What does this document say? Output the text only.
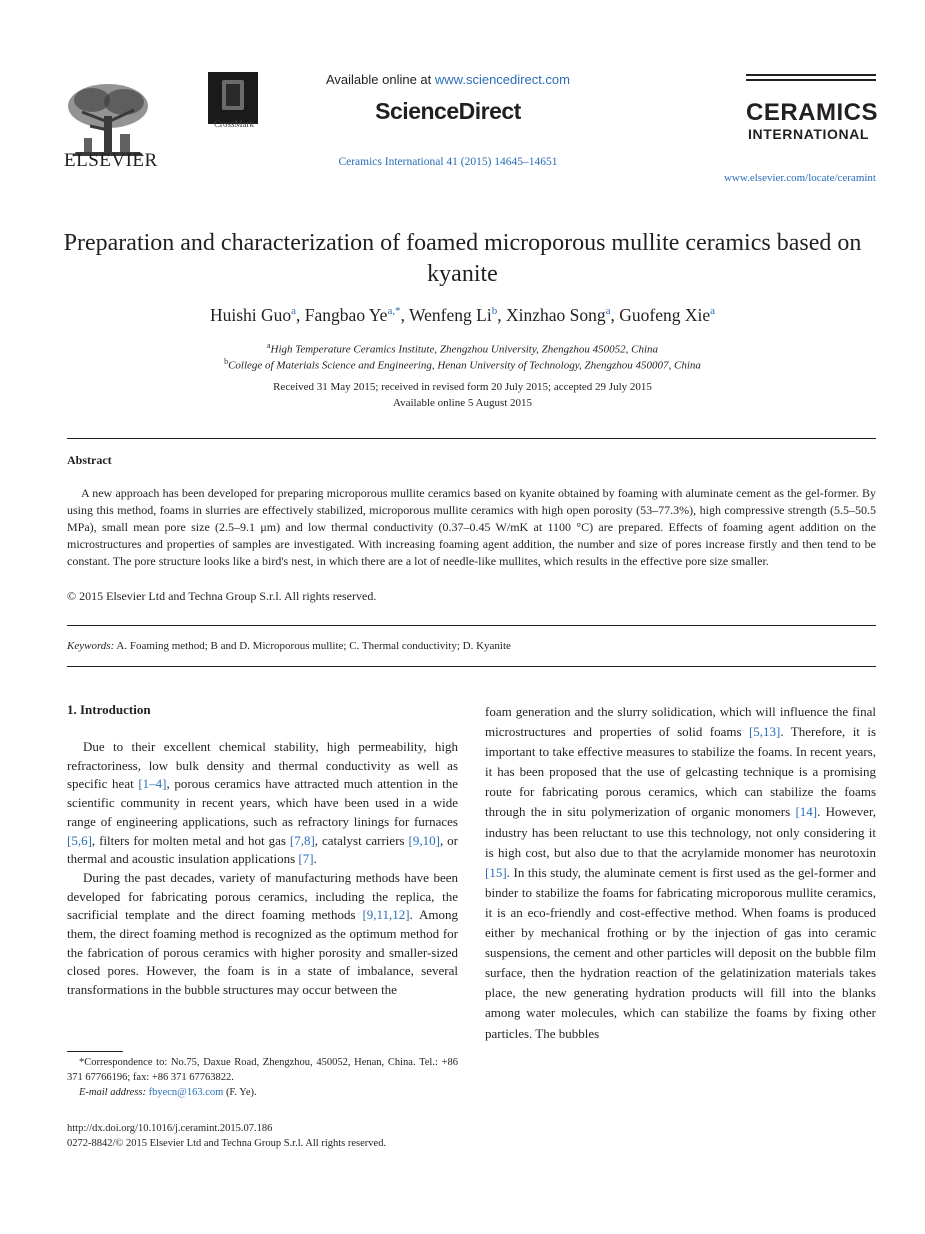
ELSEVIER
CrossMark
Available online at www.sciencedirect.com
ScienceDirect
Ceramics International 41 (2015) 14645–14651
CERAMICS
INTERNATIONAL
www.elsevier.com/locate/ceramint
Preparation and characterization of foamed microporous mullite ceramics based on kyanite
Huishi Guo$^a$, Fangbao $Ye^{a,*}$, Wenfeng Li$^b$, Xinzhao Song$^a$, Guofeng Xie$^a$
$^a$High Temperature Ceramics Institute, Zhengzhou University, Zhengzhou 450052, China
$^b$College of Materials Science and Engineering, Henan University of Technology, Zhengzhou 450007, China
Received 31 May 2015; received in revised form 20 July 2015; accepted 29 July 2015
Available online 5 August 2015
Abstract

A new approach has been developed for preparing microporous mullite ceramics based on kyanite obtained by foaming with aluminate cement as the gel-former. By using this method, foams in slurries are effectively stabilized, microporous mullite ceramics with high open porosity (53–77.3%), high compressive strength (5.5–50.5 MPa), small mean pore size (2.5–9.1 μm) and low thermal conductivity (0.37–0.45 W/mK at 1100 °C) are prepared. Effects of foaming agent addition on the microstructures and properties of samples are investigated. With increasing foaming agent addition, the number and size of pores increase firstly and then tend to be constant. The pore structure looks like a bird's nest, in which there are a lot of needle-like mullites, which results in the effective pore size smaller.

© 2015 Elsevier Ltd and Techna Group S.r.l. All rights reserved.
Keywords: A. Foaming method; B and D. Microporous mullite; C. Thermal conductivity; D. Kyanite
1. Introduction

Due to their excellent chemical stability, high permeability, high refractoriness, low bulk density and thermal conductivity as well as specific heat [1–4], porous ceramics have attracted much attention in the scientific community in recent years, which have been used in a wide range of engineering applications, such as refractory linings for furnaces [5,6], filters for molten metal and hot gas [7,8], catalyst carriers [9,10], or thermal and acoustic insulation applications [7].

During the past decades, variety of manufacturing methods have been developed for fabricating porous ceramics, including the replica, the sacrificial template and the direct foaming methods [9,11,12]. Among them, the direct foaming method is recognized as the optimum method for the fabrication of porous ceramics with higher porosity and smaller-sized closed pores. However, the foam is in a state of imbalance, several transformations in the bubble structures may occur between the

foam generation and the slurry solidication, which will influence the final microstructures and properties of solid foams [5,13]. Therefore, it is important to take effective measures to stabilize the foams. In recent years, it has been proposed that the use of gelcasting technique is a promising route for fabricating porous ceramics, which can stabilize the foams through the in situ polymerization of organic monomers [14]. However, industry has been reluctant to use this technology, not only considering it is high cost, but also due to that the acrylamide monomer has neurotoxin [15]. In this study, the aluminate cement is first used as the gel-former and binder to stabilize the foams for fabricating microporous mullite ceramics, it is an eco-friendly and cost-effective method. When foams is produced either by mechanical frothing or by the injection of gas into ceramic suspensions, the cement and other particles will deposit on the bubble film surface, then the hydration reaction of the gelatinization materials takes place, the new generating hydration products will fill into the blanks among water molecules, which can stabilize the foams by fixing other particles. The bubbles

*Correspondence to: No.75, Daxue Road, Zhengzhou, 450052, Henan, China. Tel.: +86 371 67766196; fax: +86 371 67763822.

E-mail address: fbyecn@163.com (F. Ye).

http://dx.doi.org/10.1016/j.ceramint.2015.07.186
0272-8842/© 2015 Elsevier Ltd and Techna Group S.r.l. All rights reserved.
